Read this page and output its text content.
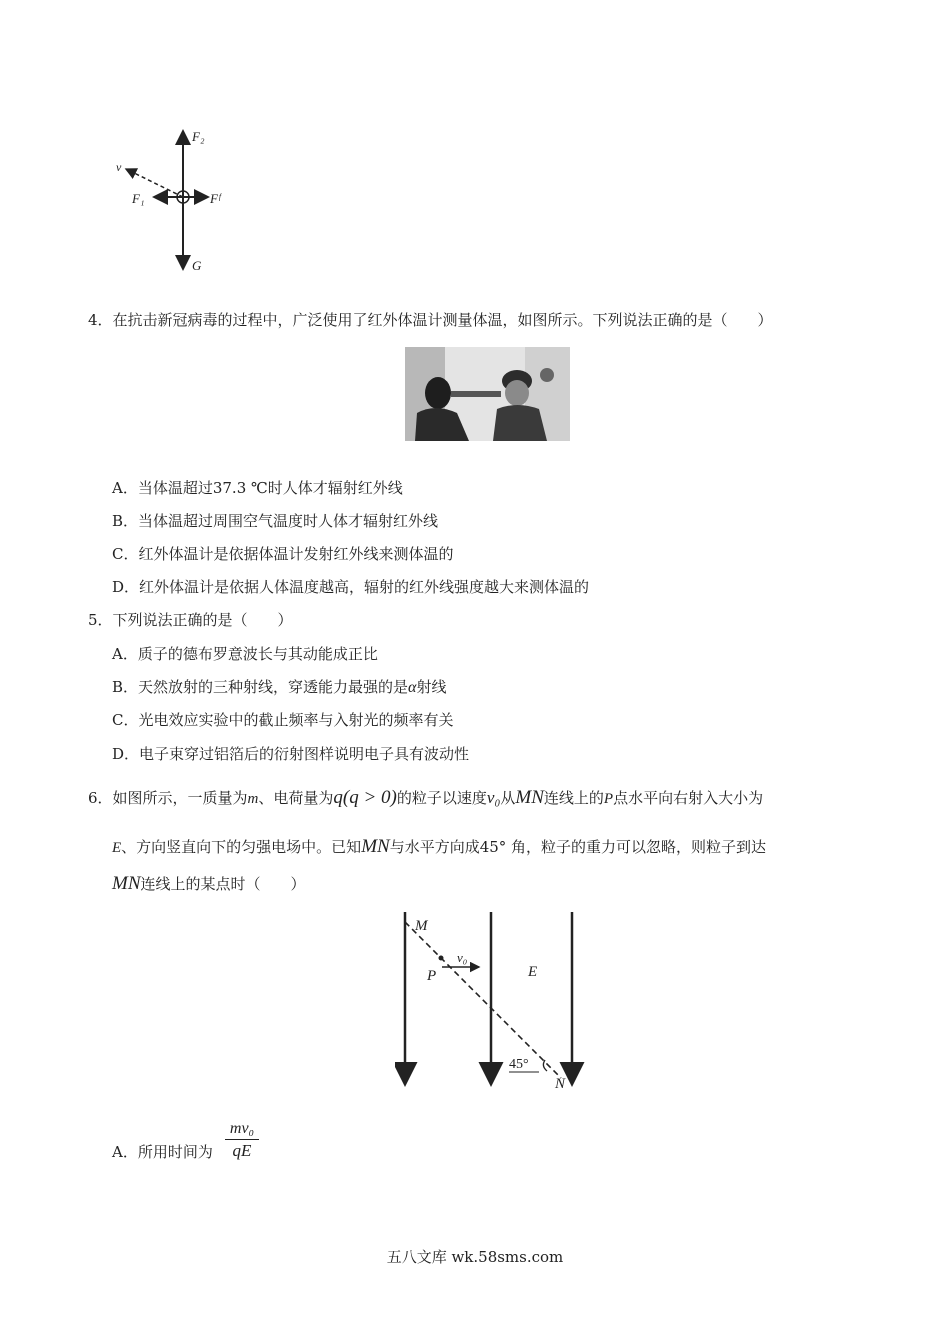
F₂
F₁	Fᶠ
G
v
4．在抗击新冠病毒的过程中，广泛使用了红外体温计测量体温，如图所示。下列说法正确的是（　　）
A．当体温超过37.3 ℃时人体才辐射红外线
B．当体温超过周围空气温度时人体才辐射红外线
C．红外体温计是依据体温计发射红外线来测体温的
D．红外体温计是依据人体温度越高，辐射的红外线强度越大来测体温的
5．下列说法正确的是（　　）
A．质子的德布罗意波长与其动能成正比
B．天然放射的三种射线，穿透能力最强的是α射线
C．光电效应实验中的截止频率与入射光的频率有关
D．电子束穿过铝箔后的衍射图样说明电子具有波动性
6．如图所示，一质量为m、电荷量为q(q > 0)的粒子以速度v₀从MN连线上的P点水平向右射入大小为
E、方向竖直向下的匀强电场中。已知MN与水平方向成45° 角，粒子的重力可以忽略，则粒子到达
MN连线上的某点时（　　）
M
P
v₀
E
45°
N
A．所用时间为 $\frac{\text{mv₀}}{qE}$
五八文库 wk.58sms.com
